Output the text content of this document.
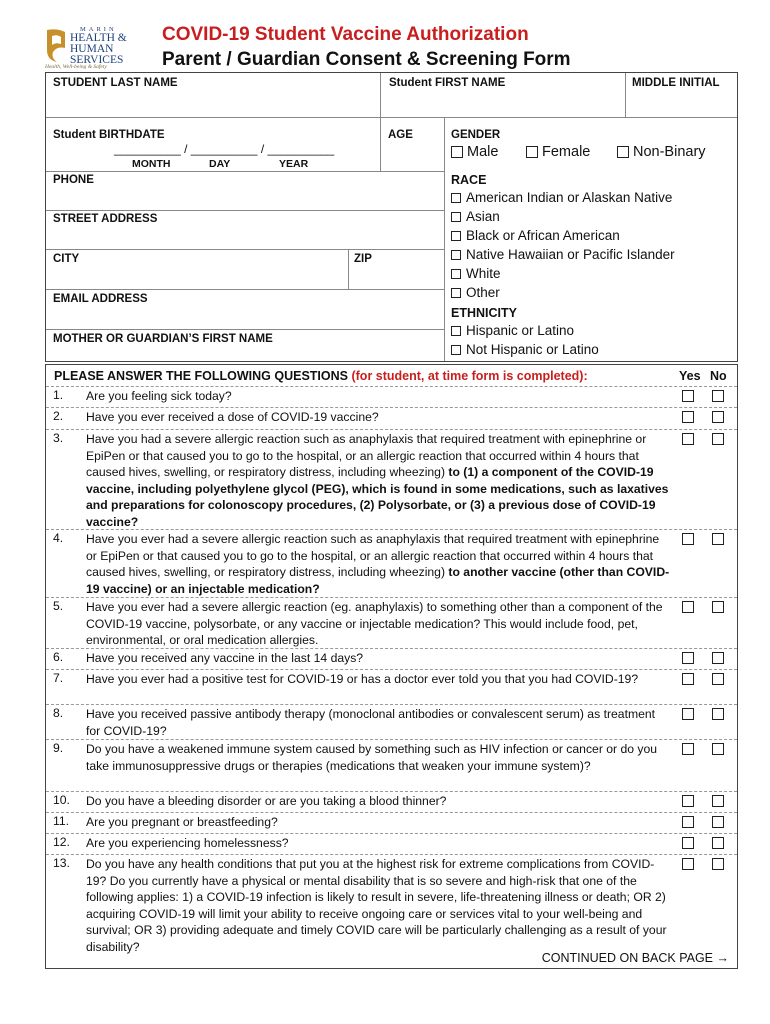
MARIN
HEALTH &
HUMAN
SERVICES
Health, Well-being & Safety
COVID-19 Student Vaccine Authorization
Parent / Guardian Consent & Screening Form
STUDENT LAST NAME	Student FIRST NAME	MIDDLE INITIAL
Student BIRTHDATE
__________ / __________ / __________
MONTH	DAY	YEAR
AGE
PHONE
STREET ADDRESS
CITY	ZIP
EMAIL ADDRESS
MOTHER OR GUARDIAN’S FIRST NAME
GENDER
Male	Female	Non-Binary
RACE
American Indian or Alaskan Native
Asian
Black or African American
Native Hawaiian or Pacific Islander
White
Other
ETHNICITY
Hispanic or Latino
Not Hispanic or Latino
PLEASE ANSWER THE FOLLOWING QUESTIONS (for student, at time form is completed):	Yes No
1. Are you feeling sick today?
2. Have you ever received a dose of COVID-19 vaccine?
3. Have you had a severe allergic reaction such as anaphylaxis that required treatment with epinephrine or EpiPen or that caused you to go to the hospital, or an allergic reaction that occurred within 4 hours that caused hives, swelling, or respiratory distress, including wheezing) to (1) a component of the COVID-19 vaccine, including polyethylene glycol (PEG), which is found in some medications, such as laxatives and preparations for colonoscopy procedures, (2) Polysorbate, or (3) a previous dose of COVID-19 vaccine?
4. Have you ever had a severe allergic reaction such as anaphylaxis that required treatment with epinephrine or EpiPen or that caused you to go to the hospital, or an allergic reaction that occurred within 4 hours that caused hives, swelling, or respiratory distress, including wheezing) to another vaccine (other than COVID-19 vaccine) or an injectable medication?
5. Have you ever had a severe allergic reaction (eg. anaphylaxis) to something other than a component of the COVID-19 vaccine, polysorbate, or any vaccine or injectable medication? This would include food, pet, environmental, or oral medication allergies.
6. Have you received any vaccine in the last 14 days?
7. Have you ever had a positive test for COVID-19 or has a doctor ever told you that you had COVID-19?
8. Have you received passive antibody therapy (monoclonal antibodies or convalescent serum) as treatment for COVID-19?
9. Do you have a weakened immune system caused by something such as HIV infection or cancer or do you take immunosuppressive drugs or therapies (medications that weaken your immune system)?
10. Do you have a bleeding disorder or are you taking a blood thinner?
11. Are you pregnant or breastfeeding?
12. Are you experiencing homelessness?
13. Do you have any health conditions that put you at the highest risk for extreme complications from COVID-19? Do you currently have a physical or mental disability that is so severe and high-risk that one of the following applies: 1) a COVID-19 infection is likely to result in severe, life-threatening illness or death; OR 2) acquiring COVID-19 will limit your ability to receive ongoing care or services vital to your well-being and survival; OR 3) providing adequate and timely COVID care will be particularly challenging as a result of your disability?
CONTINUED ON BACK PAGE →
